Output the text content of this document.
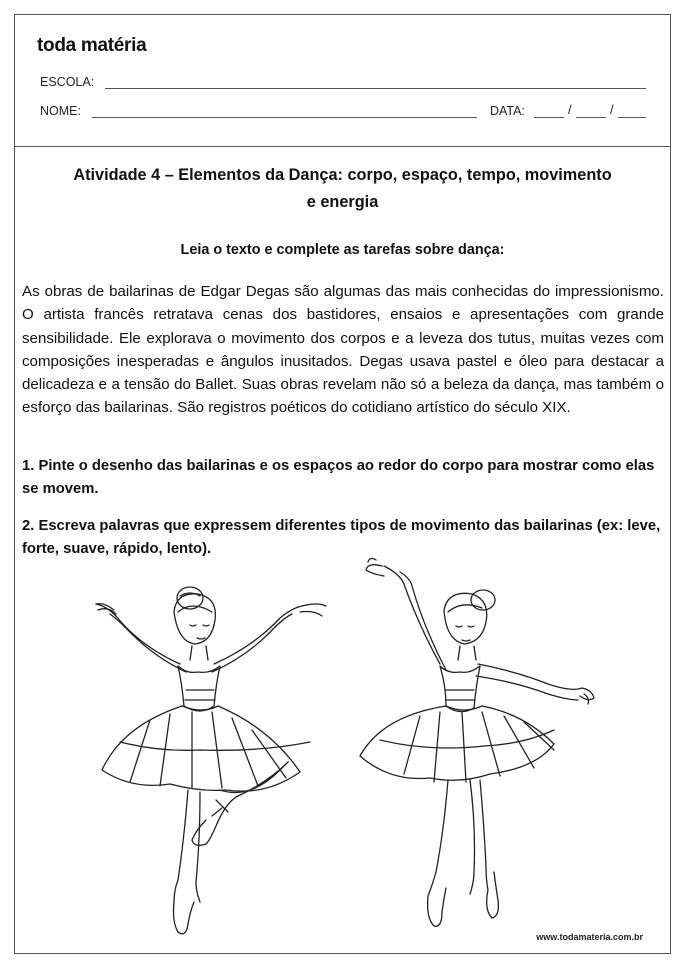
toda matéria
ESCOLA:
NOME:	DATA:	/	/
Atividade 4 – Elementos da Dança: corpo, espaço, tempo, movimento e energia
Leia o texto e complete as tarefas sobre dança:
As obras de bailarinas de Edgar Degas são algumas das mais conhecidas do impressionismo. O artista francês retratava cenas dos bastidores, ensaios e apresentações com grande sensibilidade. Ele explorava o movimento dos corpos e a leveza dos tutus, muitas vezes com composições inesperadas e ângulos inusitados. Degas usava pastel e óleo para destacar a delicadeza e a tensão do Ballet. Suas obras revelam não só a beleza da dança, mas também o esforço das bailarinas. São registros poéticos do cotidiano artístico do século XIX.
1. Pinte o desenho das bailarinas e os espaços ao redor do corpo para mostrar como elas se movem.
2. Escreva palavras que expressem diferentes tipos de movimento das bailarinas (ex: leve, forte, suave, rápido, lento).
www.todamateria.com.br
